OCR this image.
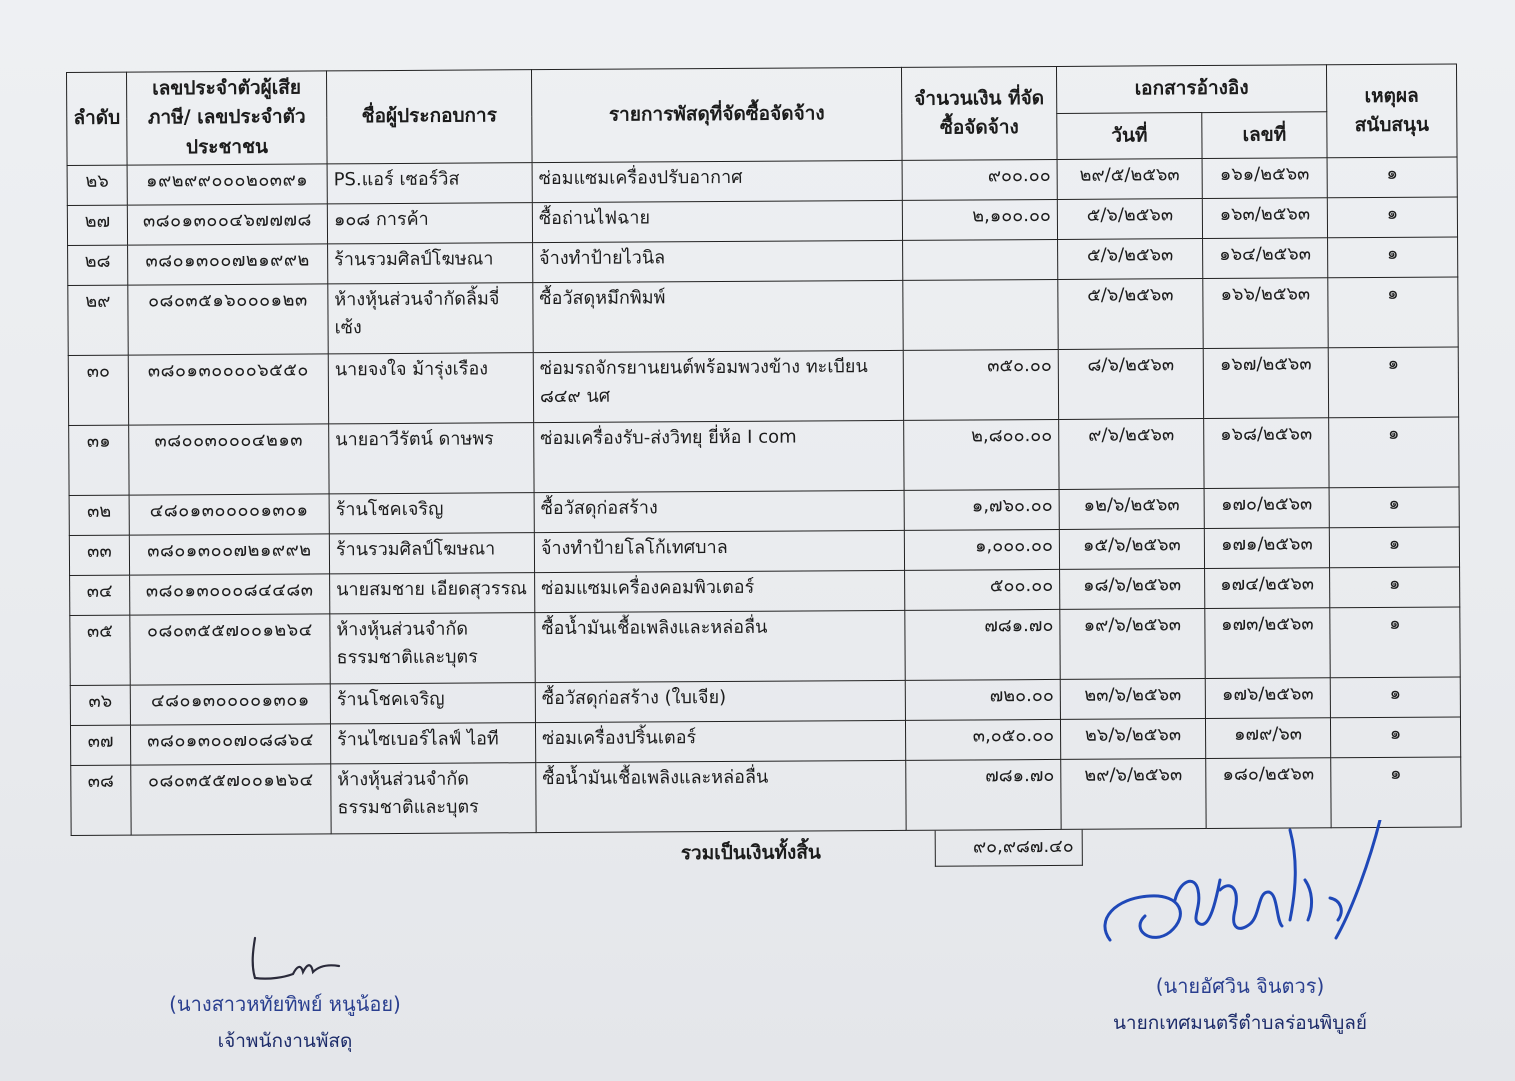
ลำดับ	เลขประจำตัวผู้เสียภาษี/ เลขประจำตัวประชาชน	ชื่อผู้ประกอบการ	รายการพัสดุที่จัดซื้อจัดจ้าง	จำนวนเงิน ที่จัดซื้อจัดจ้าง	เอกสารอ้างอิง		เหตุผล สนับสนุน
					วันที่	เลขที่	
๒๖	๑๙๒๙๙๐๐๐๒๐๓๙๑	PS.แอร์ เซอร์วิส	ซ่อมแซมเครื่องปรับอากาศ	๙๐๐.๐๐	๒๙/๕/๒๕๖๓	๑๖๑/๒๕๖๓	๑
๒๗	๓๘๐๑๓๐๐๔๖๗๗๗๘	๑๐๘ การค้า	ซื้อถ่านไฟฉาย	๒,๑๐๐.๐๐	๕/๖/๒๕๖๓	๑๖๓/๒๕๖๓	๑
๒๘	๓๘๐๑๓๐๐๗๒๑๙๙๒	ร้านรวมศิลป์โฆษณา	จ้างทำป้ายไวนิล		๕/๖/๒๕๖๓	๑๖๔/๒๕๖๓	๑
๒๙	๐๘๐๓๕๑๖๐๐๐๑๒๓	ห้างหุ้นส่วนจำกัดลิ้มจี่เซ้ง	ซื้อวัสดุหมึกพิมพ์		๕/๖/๒๕๖๓	๑๖๖/๒๕๖๓	๑
๓๐	๓๘๐๑๓๐๐๐๐๖๕๕๐	นายจงใจ ม้ารุ่งเรือง	ซ่อมรถจักรยานยนต์พร้อมพวงข้าง ทะเบียน ๘๔๙ นศ	๓๕๐.๐๐	๘/๖/๒๕๖๓	๑๖๗/๒๕๖๓	๑
๓๑	๓๘๐๐๓๐๐๐๔๒๑๓	นายอาวีรัตน์ ดาษพร	ซ่อมเครื่องรับ-ส่งวิทยุ ยี่ห้อ I com	๒,๘๐๐.๐๐	๙/๖/๒๕๖๓	๑๖๘/๒๕๖๓	๑
๓๒	๔๘๐๑๓๐๐๐๐๑๓๐๑	ร้านโชคเจริญ	ซื้อวัสดุก่อสร้าง	๑,๗๖๐.๐๐	๑๒/๖/๒๕๖๓	๑๗๐/๒๕๖๓	๑
๓๓	๓๘๐๑๓๐๐๗๒๑๙๙๒	ร้านรวมศิลป์โฆษณา	จ้างทำป้ายโลโก้เทศบาล	๑,๐๐๐.๐๐	๑๕/๖/๒๕๖๓	๑๗๑/๒๕๖๓	๑
๓๔	๓๘๐๑๓๐๐๐๘๔๔๘๓	นายสมชาย เอียดสุวรรณ	ซ่อมแซมเครื่องคอมพิวเตอร์	๕๐๐.๐๐	๑๘/๖/๒๕๖๓	๑๗๔/๒๕๖๓	๑
๓๕	๐๘๐๓๕๕๗๐๐๑๒๖๔	ห้างหุ้นส่วนจำกัด ธรรมชาติและบุตร	ซื้อน้ำมันเชื้อเพลิงและหล่อลื่น	๗๘๑.๗๐	๑๙/๖/๒๕๖๓	๑๗๓/๒๕๖๓	๑
๓๖	๔๘๐๑๓๐๐๐๐๑๓๐๑	ร้านโชคเจริญ	ซื้อวัสดุก่อสร้าง (ใบเจีย)	๗๒๐.๐๐	๒๓/๖/๒๕๖๓	๑๗๖/๒๕๖๓	๑
๓๗	๓๘๐๑๓๐๐๗๐๘๘๖๔	ร้านไซเบอร์ไลฟ์ ไอที	ซ่อมเครื่องปริ้นเตอร์	๓,๐๕๐.๐๐	๒๖/๖/๒๕๖๓	๑๗๙/๖๓	๑
๓๘	๐๘๐๓๕๕๗๐๐๑๒๖๔	ห้างหุ้นส่วนจำกัด ธรรมชาติและบุตร	ซื้อน้ำมันเชื้อเพลิงและหล่อลื่น	๗๘๑.๗๐	๒๙/๖/๒๕๖๓	๑๘๐/๒๕๖๓	๑
รวมเป็นเงินทั้งสิ้น	๙๐,๙๘๗.๔๐
(นางสาวหทัยทิพย์ หนูน้อย)
เจ้าพนักงานพัสดุ
(นายอัศวิน จินตวร)
นายกเทศมนตรีตำบลร่อนพิบูลย์
